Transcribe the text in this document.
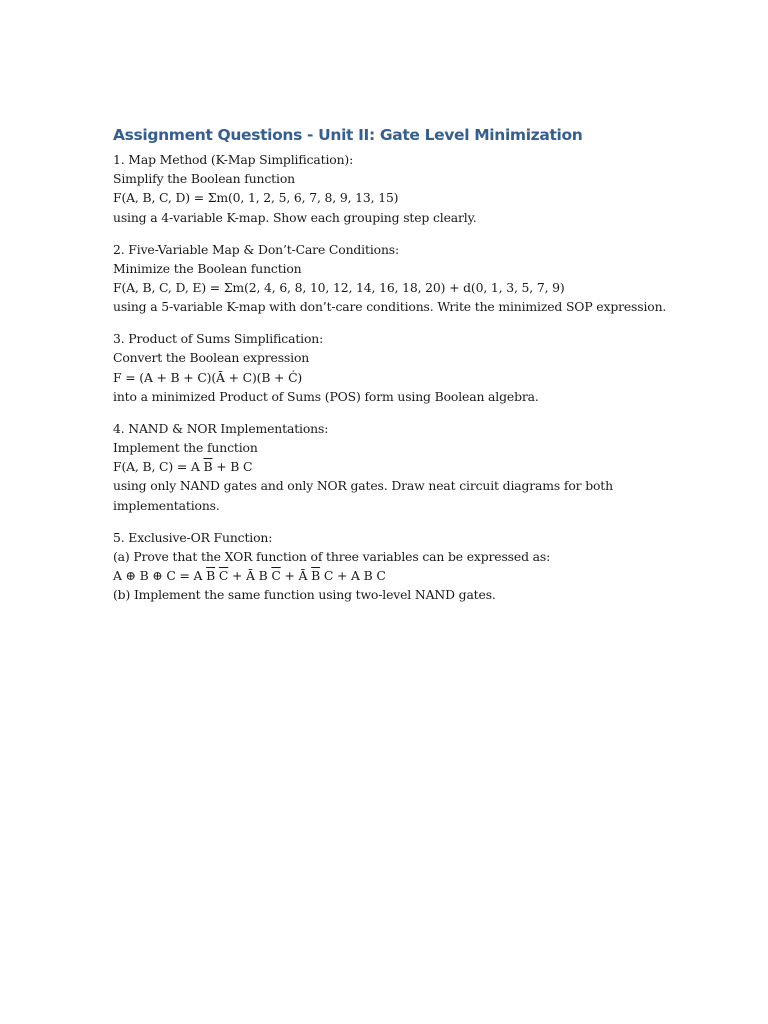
Assignment Questions - Unit II: Gate Level Minimization
1. Map Method (K-Map Simplification):
Simplify the Boolean function
F(A, B, C, D) = Σm(0, 1, 2, 5, 6, 7, 8, 9, 13, 15)
using a 4-variable K-map. Show each grouping step clearly.
2. Five-Variable Map & Don’t-Care Conditions:
Minimize the Boolean function
F(A, B, C, D, E) = Σm(2, 4, 6, 8, 10, 12, 14, 16, 18, 20) + d(0, 1, 3, 5, 7, 9)
using a 5-variable K-map with don’t-care conditions. Write the minimized SOP expression.
3. Product of Sums Simplification:
Convert the Boolean expression
F = (A + B + C)(Ā + C)(B + Ć)
into a minimized Product of Sums (POS) form using Boolean algebra.
4. NAND & NOR Implementations:
Implement the function
F(A, B, C) = A $\overline{B} + B$ C
using only NAND gates and only NOR gates. Draw neat circuit diagrams for both
implementations.
5. Exclusive-OR Function:
(a) Prove that the XOR function of three variables can be expressed as:
A ⊕ B ⊕ C = A $\overline{B}$ $\overline{C}$ + Ā B $\overline{C}$ + Ā $\overline{B}$ C + A B C
(b) Implement the same function using two-level NAND gates.
